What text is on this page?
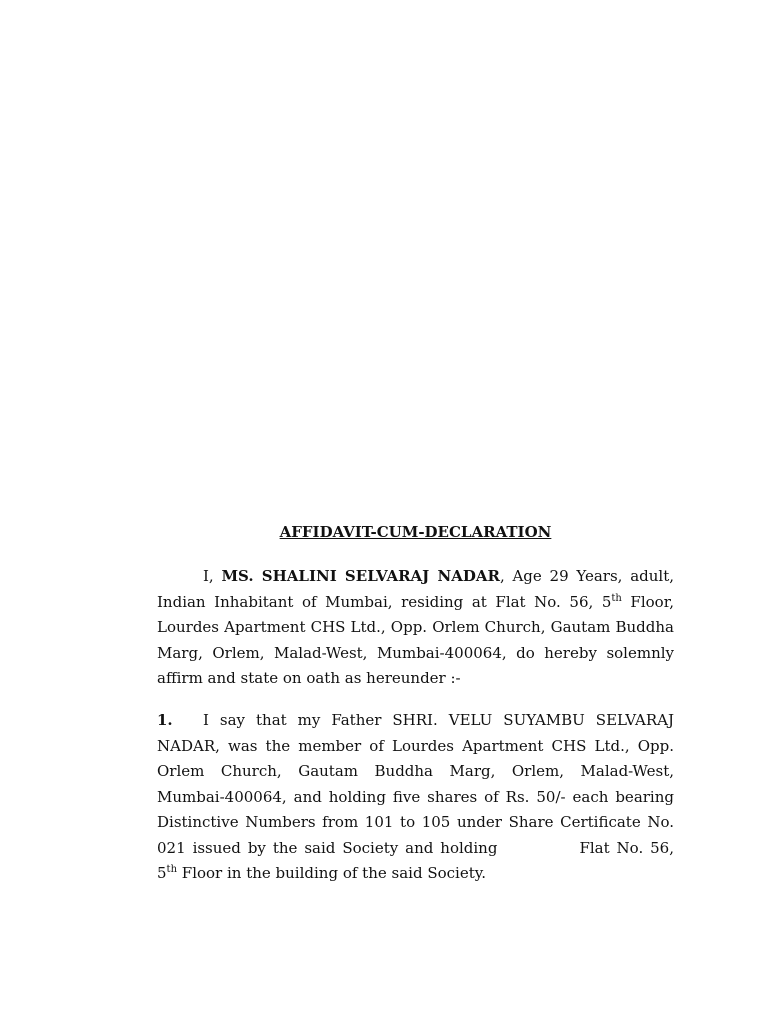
AFFIDAVIT-CUM-DECLARATION

I, MS. SHALINI SELVARAJ NADAR, Age 29 Years, adult, Indian Inhabitant of Mumbai, residing at Flat No. 56, 5th Floor, Lourdes Apartment CHS Ltd., Opp. Orlem Church, Gautam Buddha Marg, Orlem, Malad-West, Mumbai-400064, do hereby solemnly affirm and state on oath as hereunder :-

1. I say that my Father SHRI. VELU SUYAMBU SELVARAJ NADAR, was the member of Lourdes Apartment CHS Ltd., Opp. Orlem Church, Gautam Buddha Marg, Orlem, Malad-West, Mumbai-400064, and holding five shares of Rs. 50/- each bearing Distinctive Numbers from 101 to 105 under Share Certificate No. 021 issued by the said Society and holding	Flat No. 56, 5th Floor in the building of the said Society.
